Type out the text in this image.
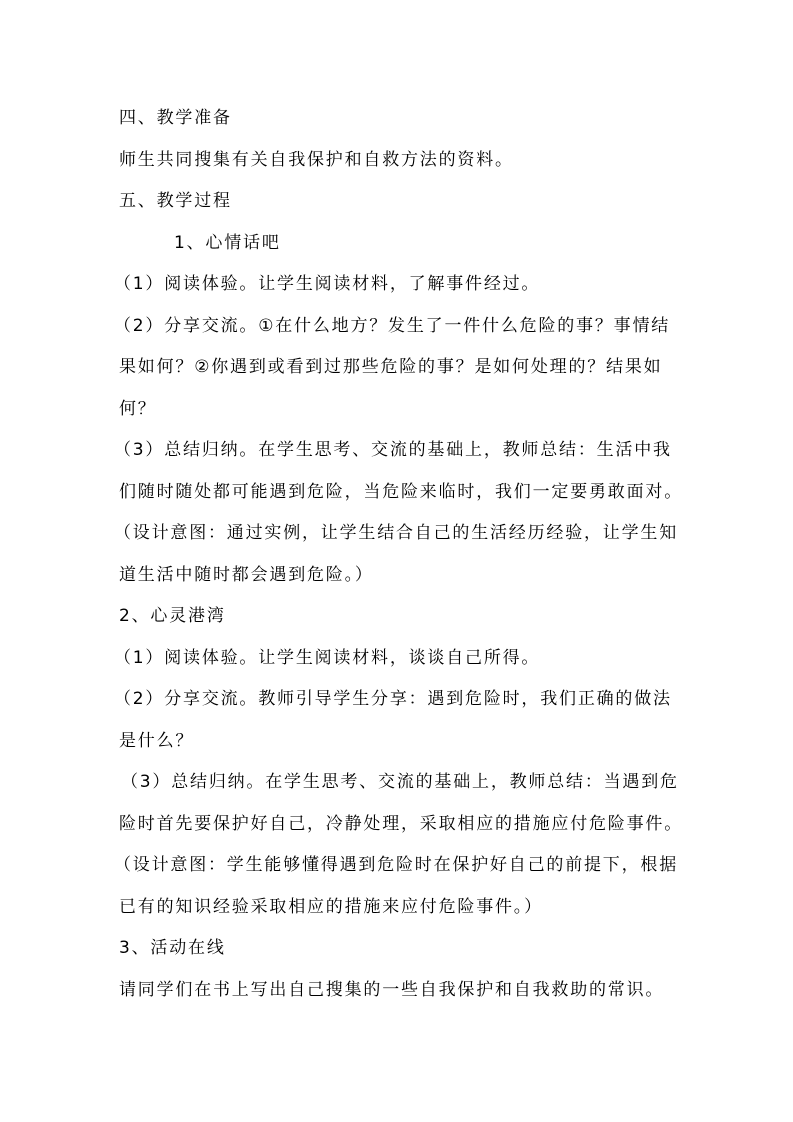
四、教学准备
师生共同搜集有关自我保护和自救方法的资料。
五、教学过程
1、心情话吧
（1）阅读体验。让学生阅读材料，了解事件经过。
（2）分享交流。①在什么地方？发生了一件什么危险的事？事情结
果如何？②你遇到或看到过那些危险的事？是如何处理的？结果如
何？
（3）总结归纳。在学生思考、交流的基础上，教师总结：生活中我
们随时随处都可能遇到危险，当危险来临时，我们一定要勇敢面对。
（设计意图：通过实例，让学生结合自己的生活经历经验，让学生知
道生活中随时都会遇到危险。）
2、心灵港湾
（1）阅读体验。让学生阅读材料，谈谈自己所得。
（2）分享交流。教师引导学生分享：遇到危险时，我们正确的做法
是什么？
（3）总结归纳。在学生思考、交流的基础上，教师总结：当遇到危
险时首先要保护好自己，冷静处理，采取相应的措施应付危险事件。
（设计意图：学生能够懂得遇到危险时在保护好自己的前提下，根据
已有的知识经验采取相应的措施来应付危险事件。）
3、活动在线
请同学们在书上写出自己搜集的一些自我保护和自我救助的常识。
